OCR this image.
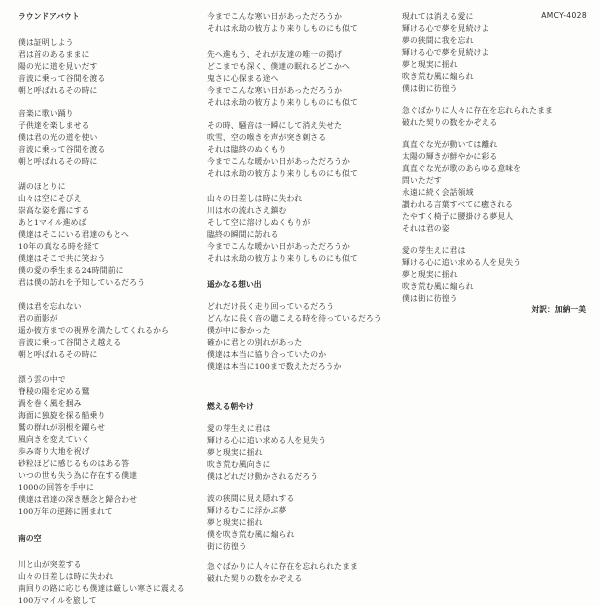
AMCY-4028
ラウンドアバウト
僕は証明しよう
君は首のあるままに
陽の光に道を見いだす
音波に乗って谷間を渡る
朝と呼ばれるその時に
音楽に歌い踊り
子供達を楽しませる
僕は君の光の道を使い
音波に乗って谷間を渡る
朝と呼ばれるその時に
湖のほとりに
山々は空にそびえ
崇高な姿を露にする
あと1マイル進めば
僕達はそこにいる君達のもとへ
10年の真なる時を経て
僕達はそこで共に笑おう
僕の愛の季生まる24時間前に
君は僕の訪れを予知しているだろう
僕は君を忘れない
君の面影が
遥か彼方までの視界を満たしてくれるから
音波に乗って谷間さえ越える
朝と呼ばれるその時に
漂う雲の中で
脊稜の陽を定める鷲
渦を巻く風を掴み
海面に独旋を探る船乗り
鷲の群れが羽根を躍らせ
風向きを変えていく
歩み寄り大地を祝げ
砂粒ほどに感じるものはある答
いつの世も失う為に存在する僕達
1000の回答を手中に
僕達は君達の深き懸念と歸合わせ
100万年の逆跡に囲まれて
南の空
川と山が突差する
山々の日差しは時に失われ
南回りの路に応じも僕達は厳しい寒さに震える
100万マイルを旅して
今までこんな寒い日があっただろうか
それは永劫の彼方より来りしものにも似て
先へ進もう、それが友達の唯一の掲げ
どこまでも深く、僕達の眠れるどこかへ
鬼さに心保まる途へ
今までこんな寒い日があっただろうか
それは永劫の彼方より来りしものにも似て
その時、騒音は一瞬にして消え失せた
吹雪、空の喉きを声が突き刺さる
それは臨終のぬくもり
今までこんな暖かい日があっただろうか
それは永劫の彼方より来りしものにも似て
山々の日差しは時に失われ
川は水の流れさえ鎮む
そして空に溶けしぬくもりが
臨終の瞬間に訪れる
今までこんな暖かい日があっただろうか
それは永劫の彼方より来りしものにも似て
遥かなる想い出
どれだけ長く走り回っているだろう
どんなに長く音の聴こえる時を待っているだろう
僕が中に参かった
確かに君との別れがあった
僕達は本当に協り合っていたのか
僕達は本当に100まで数えただろうか
燃える朝やけ
愛の芽生えに君は
輝ける心に追い求める人を見失う
夢と現実に揺れ
吹き荒む風向きに
僕はどれだけ動かされるだろう
波の狭間に見え隠れする
輝けるむこに浮かぶ夢
夢と現実に揺れ
僕を吹き荒む風に煽られ
街に彷徨う
急ぐばかりに人々に存在を忘れられたまま
破れた契りの数をかぞえる
現れては消える愛に
輝ける心で夢を見続けよ
夢の狭間に我を忘れ
輝ける心で夢を見続けよ
夢と現実に揺れ
吹き荒む風に煽られ
僕は街に彷徨う
急ぐばかりに人々に存在を忘れられたまま
破れた契りの数をかぞえる
真直ぐな光が動いては離れ
太陽の輝きが鮮やかに彩る
真直ぐな光が歌のあらゆる意味を
問いただす
永遠に続く会話領域
讃われる言葉すべてに癒される
たやすく椅子に腰掛ける夢見人
それは君の姿
愛の芽生えに君は
輝ける心に追い求める人を見失う
夢と現実に揺れ
吹き荒む風に煽られ
僕は街に彷徨う
対訳：加納一美
